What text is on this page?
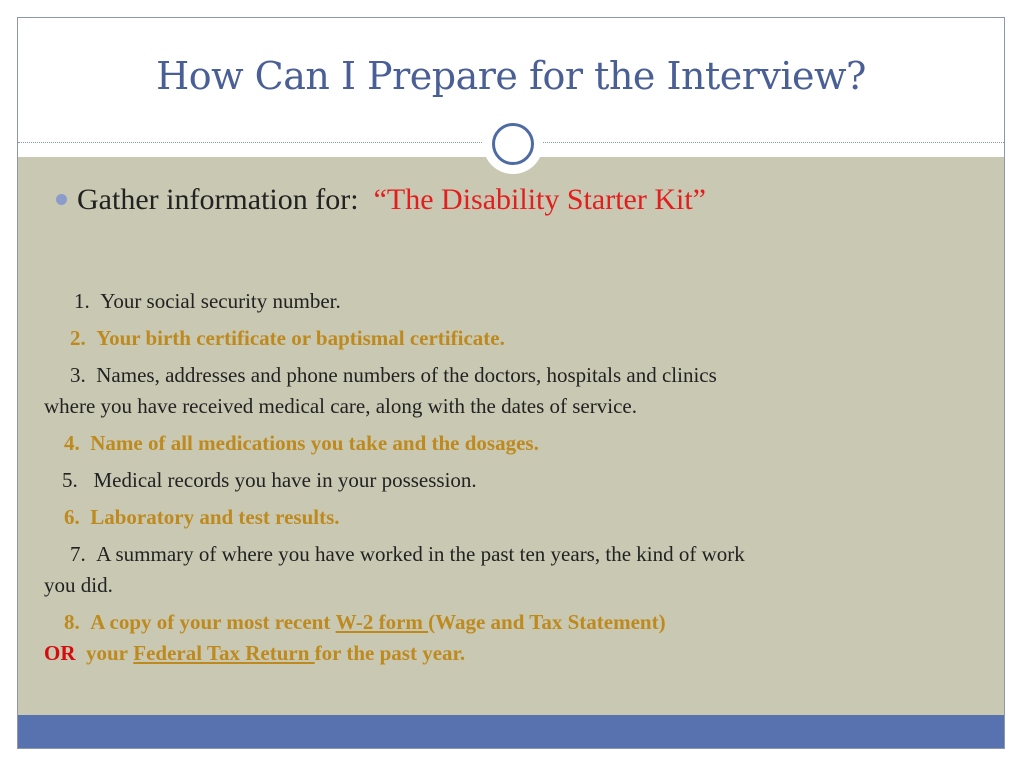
How Can I Prepare for the Interview?
Gather information for: “The Disability Starter Kit”
1. Your social security number.
2. Your birth certificate or baptismal certificate.
3. Names, addresses and phone numbers of the doctors, hospitals and clinics
where you have received medical care, along with the dates of service.
4. Name of all medications you take and the dosages.
5. Medical records you have in your possession.
6. Laboratory and test results.
7. A summary of where you have worked in the past ten years, the kind of work
you did.
8. A copy of your most recent W-2 form (Wage and Tax Statement)
OR your Federal Tax Return for the past year.
